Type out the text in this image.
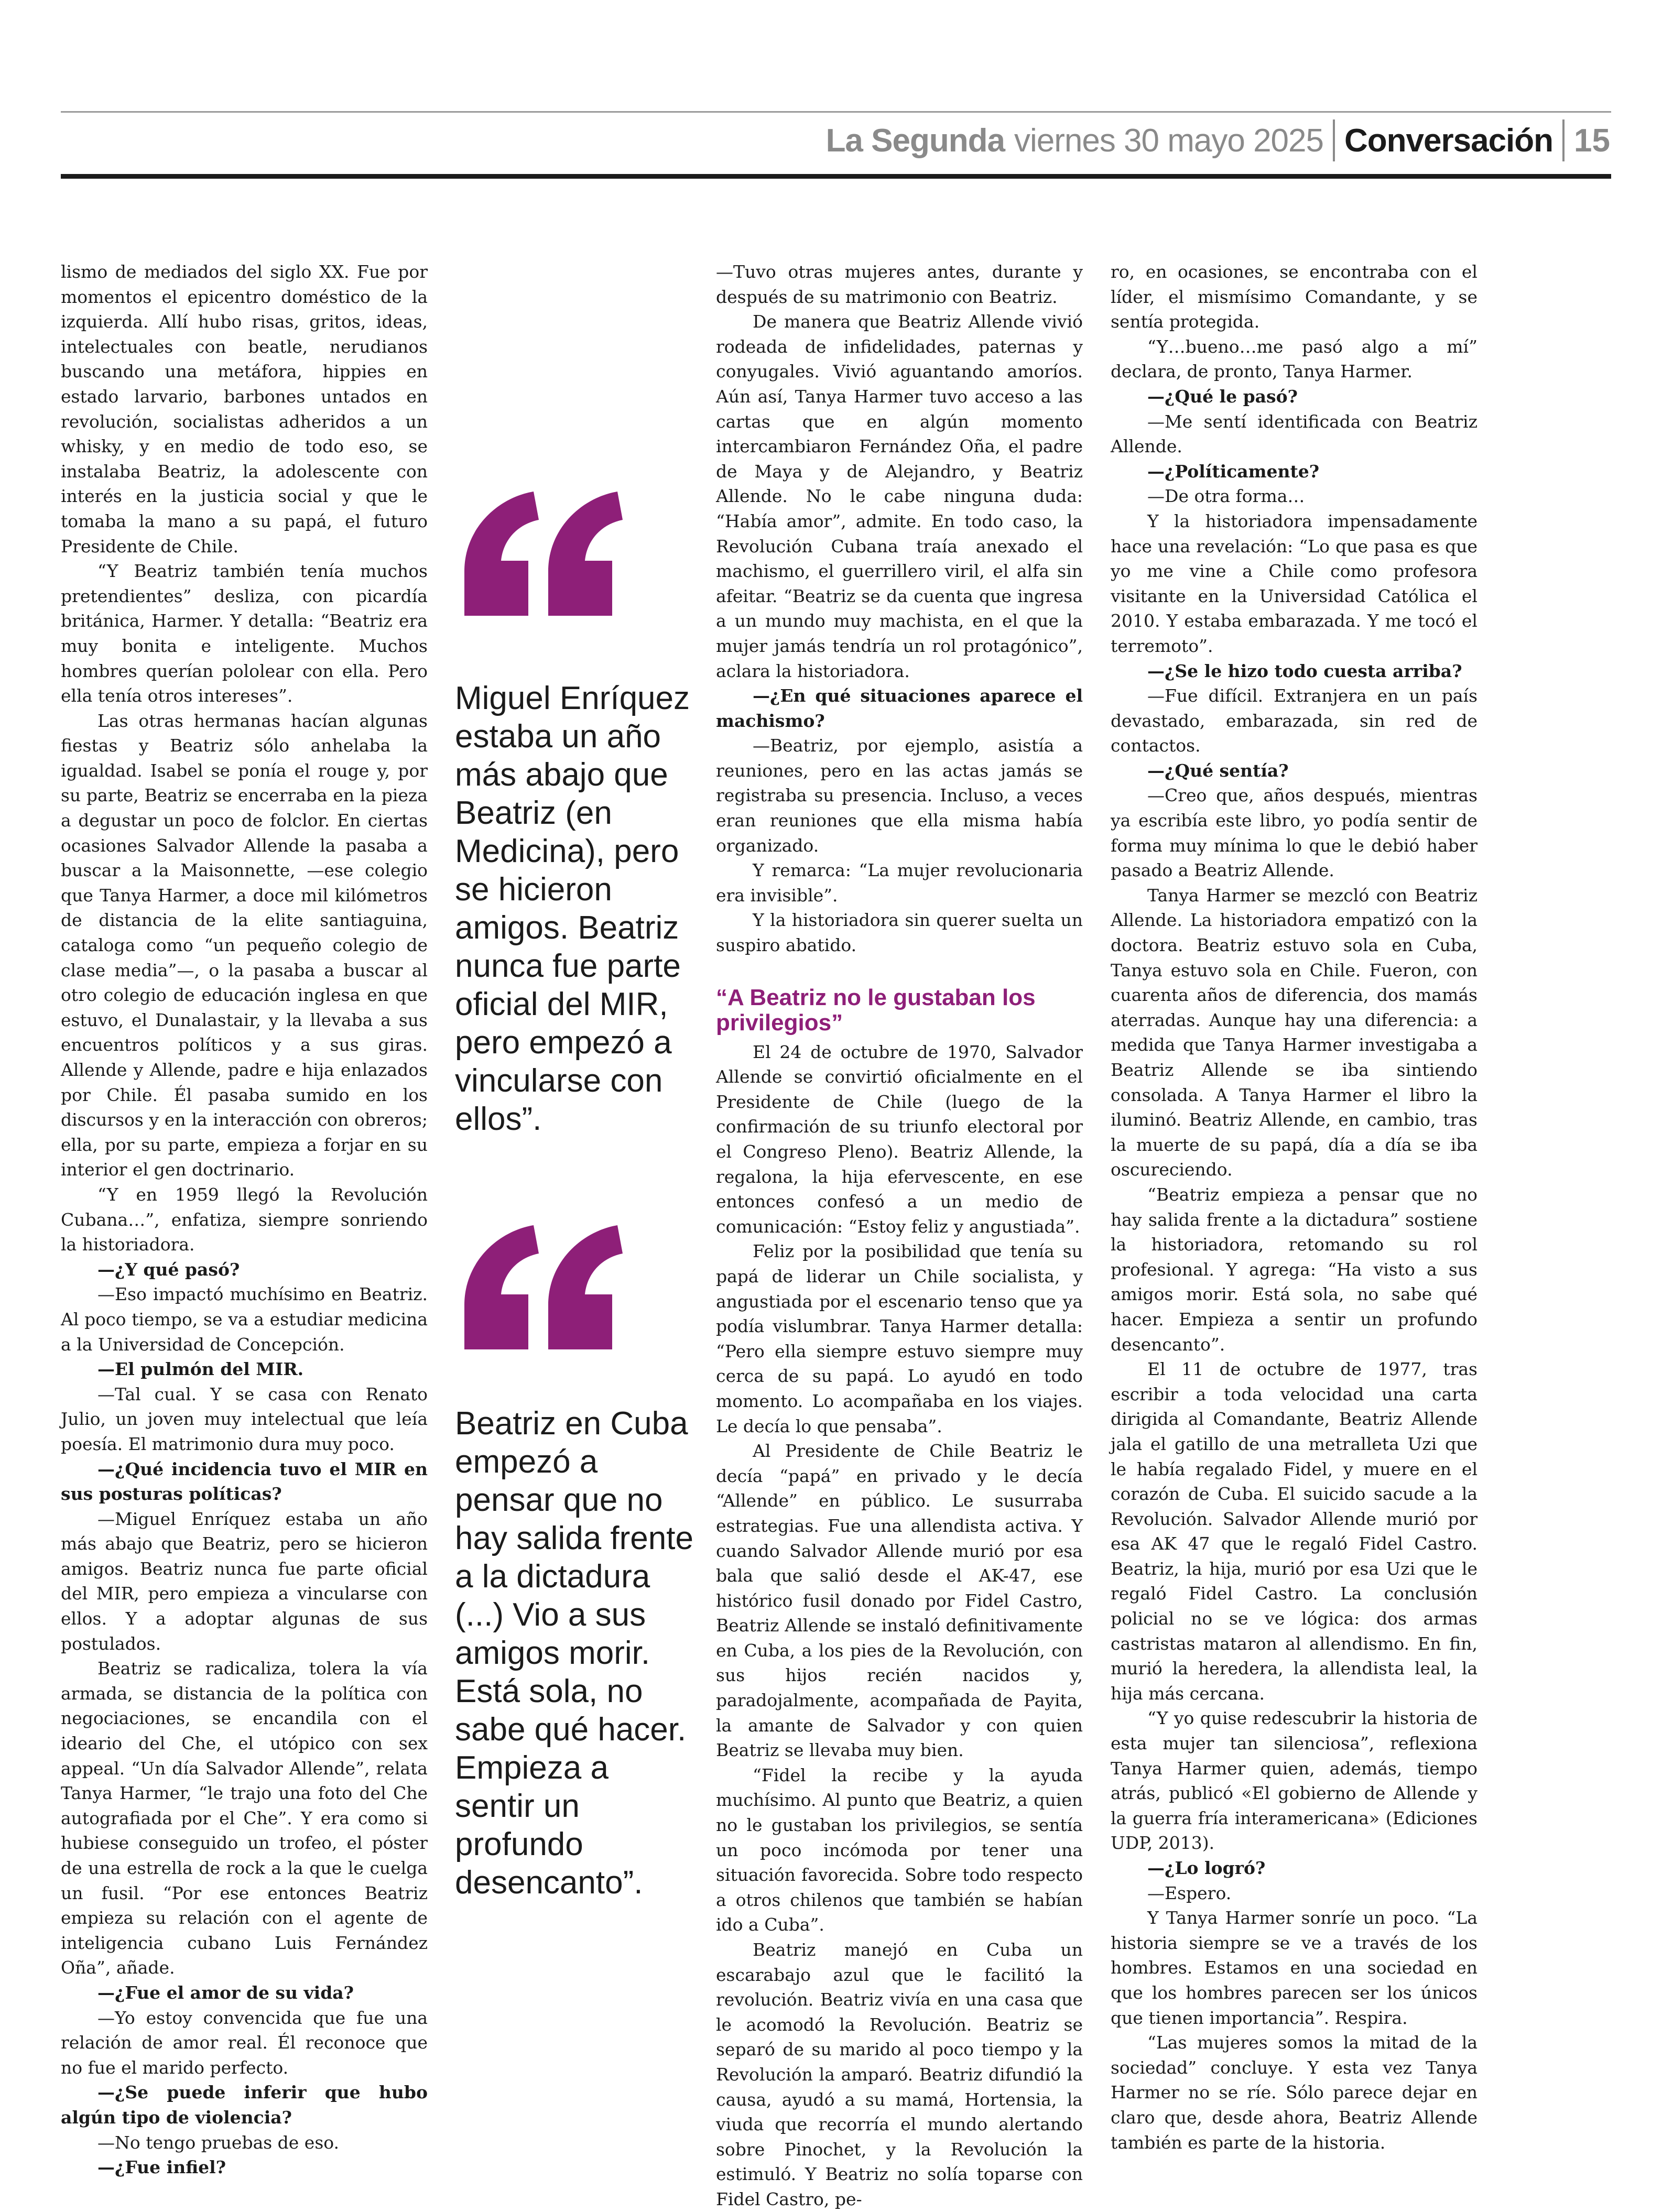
La Segunda viernes 30 mayo 2025 Conversación 15

lismo de mediados del siglo XX. Fue por momentos el epicentro doméstico de la izquierda. Allí hubo risas, gritos, ideas, intelectuales con beatle, nerudianos buscando una metáfora, hippies en estado larvario, barbones untados en revolución, socialistas adheridos a un whisky, y en medio de todo eso, se instalaba Beatriz, la adolescente con interés en la justicia social y que le tomaba la mano a su papá, el futuro Presidente de Chile.

“Y Beatriz también tenía muchos pretendientes” desliza, con picardía británica, Harmer. Y detalla: “Beatriz era muy bonita e inteligente. Muchos hombres querían pololear con ella. Pero ella tenía otros intereses”.

Las otras hermanas hacían algunas fiestas y Beatriz sólo anhelaba la igualdad. Isabel se ponía el rouge y, por su parte, Beatriz se encerraba en la pieza a degustar un poco de folclor. En ciertas ocasiones Salvador Allende la pasaba a buscar a la Maisonnette, —ese colegio que Tanya Harmer, a doce mil kilómetros de distancia de la elite santiaguina, cataloga como “un pequeño colegio de clase media”—, o la pasaba a buscar al otro colegio de educación inglesa en que estuvo, el Dunalastair, y la llevaba a sus encuentros políticos y a sus giras. Allende y Allende, padre e hija enlazados por Chile. Él pasaba sumido en los discursos y en la interacción con obreros; ella, por su parte, empieza a forjar en su interior el gen doctrinario.

“Y en 1959 llegó la Revolución Cubana…”, enfatiza, siempre sonriendo la historiadora.

—¿Y qué pasó?

—Eso impactó muchísimo en Beatriz. Al poco tiempo, se va a estudiar medicina a la Universidad de Concepción.

—El pulmón del MIR.

—Tal cual. Y se casa con Renato Julio, un joven muy intelectual que leía poesía. El matrimonio dura muy poco.

—¿Qué incidencia tuvo el MIR en sus posturas políticas?

—Miguel Enríquez estaba un año más abajo que Beatriz, pero se hicieron amigos. Beatriz nunca fue parte oficial del MIR, pero empieza a vincularse con ellos. Y a adoptar algunas de sus postulados.

Beatriz se radicaliza, tolera la vía armada, se distancia de la política con negociaciones, se encandila con el ideario del Che, el utópico con sex appeal. “Un día Salvador Allende”, relata Tanya Harmer, “le trajo una foto del Che autografiada por el Che”. Y era como si hubiese conseguido un trofeo, el póster de una estrella de rock a la que le cuelga un fusil. “Por ese entonces Beatriz empieza su relación con el agente de inteligencia cubano Luis Fernández Oña”, añade.

—¿Fue el amor de su vida?

—Yo estoy convencida que fue una relación de amor real. Él reconoce que no fue el marido perfecto.

—¿Se puede inferir que hubo algún tipo de violencia?

—No tengo pruebas de eso.

—¿Fue infiel?

Miguel Enríquez estaba un año más abajo que Beatriz (en Medicina), pero se hicieron amigos. Beatriz nunca fue parte oficial del MIR, pero empezó a vincularse con ellos”.
Beatriz en Cuba empezó a pensar que no hay salida frente a la dictadura (...) Vio a sus amigos morir. Está sola, no sabe qué hacer. Empieza a sentir un profundo desencanto”.

—Tuvo otras mujeres antes, durante y después de su matrimonio con Beatriz.

De manera que Beatriz Allende vivió rodeada de infidelidades, paternas y conyugales. Vivió aguantando amoríos. Aún así, Tanya Harmer tuvo acceso a las cartas que en algún momento intercambiaron Fernández Oña, el padre de Maya y de Alejandro, y Beatriz Allende. No le cabe ninguna duda: “Había amor”, admite. En todo caso, la Revolución Cubana traía anexado el machismo, el guerrillero viril, el alfa sin afeitar. “Beatriz se da cuenta que ingresa a un mundo muy machista, en el que la mujer jamás tendría un rol protagónico”, aclara la historiadora.

—¿En qué situaciones aparece el machismo?

—Beatriz, por ejemplo, asistía a reuniones, pero en las actas jamás se registraba su presencia. Incluso, a veces eran reuniones que ella misma había organizado.

Y remarca: “La mujer revolucionaria era invisible”.

Y la historiadora sin querer suelta un suspiro abatido.

“A Beatriz no le gustaban los privilegios”

El 24 de octubre de 1970, Salvador Allende se convirtió oficialmente en el Presidente de Chile (luego de la confirmación de su triunfo electoral por el Congreso Pleno). Beatriz Allende, la regalona, la hija efervescente, en ese entonces confesó a un medio de comunicación: “Estoy feliz y angustiada”.

Feliz por la posibilidad que tenía su papá de liderar un Chile socialista, y angustiada por el escenario tenso que ya podía vislumbrar. Tanya Harmer detalla: “Pero ella siempre estuvo siempre muy cerca de su papá. Lo ayudó en todo momento. Lo acompañaba en los viajes. Le decía lo que pensaba”.

Al Presidente de Chile Beatriz le decía “papá” en privado y le decía “Allende” en público. Le susurraba estrategias. Fue una allendista activa. Y cuando Salvador Allende murió por esa bala que salió desde el AK-47, ese histórico fusil donado por Fidel Castro, Beatriz Allende se instaló definitivamente en Cuba, a los pies de la Revolución, con sus hijos recién nacidos y, paradojalmente, acompañada de Payita, la amante de Salvador y con quien Beatriz se llevaba muy bien.

“Fidel la recibe y la ayuda muchísimo. Al punto que Beatriz, a quien no le gustaban los privilegios, se sentía un poco incómoda por tener una situación favorecida. Sobre todo respecto a otros chilenos que también se habían ido a Cuba”.

Beatriz manejó en Cuba un escarabajo azul que le facilitó la revolución. Beatriz vivía en una casa que le acomodó la Revolución. Beatriz se separó de su marido al poco tiempo y la Revolución la amparó. Beatriz difundió la causa, ayudó a su mamá, Hortensia, la viuda que recorría el mundo alertando sobre Pinochet, y la Revolución la estimuló. Y Beatriz no solía toparse con Fidel Castro, pe-

ro, en ocasiones, se encontraba con el líder, el mismísimo Comandante, y se sentía protegida.

“Y…bueno…me pasó algo a mí” declara, de pronto, Tanya Harmer.

—¿Qué le pasó?

—Me sentí identificada con Beatriz Allende.

—¿Políticamente?

—De otra forma…

Y la historiadora impensadamente hace una revelación: “Lo que pasa es que yo me vine a Chile como profesora visitante en la Universidad Católica el 2010. Y estaba embarazada. Y me tocó el terremoto”.

—¿Se le hizo todo cuesta arriba?

—Fue difícil. Extranjera en un país devastado, embarazada, sin red de contactos.

—¿Qué sentía?

—Creo que, años después, mientras ya escribía este libro, yo podía sentir de forma muy mínima lo que le debió haber pasado a Beatriz Allende.

Tanya Harmer se mezcló con Beatriz Allende. La historiadora empatizó con la doctora. Beatriz estuvo sola en Cuba, Tanya estuvo sola en Chile. Fueron, con cuarenta años de diferencia, dos mamás aterradas. Aunque hay una diferencia: a medida que Tanya Harmer investigaba a Beatriz Allende se iba sintiendo consolada. A Tanya Harmer el libro la iluminó. Beatriz Allende, en cambio, tras la muerte de su papá, día a día se iba oscureciendo.

“Beatriz empieza a pensar que no hay salida frente a la dictadura” sostiene la historiadora, retomando su rol profesional. Y agrega: “Ha visto a sus amigos morir. Está sola, no sabe qué hacer. Empieza a sentir un profundo desencanto”.

El 11 de octubre de 1977, tras escribir a toda velocidad una carta dirigida al Comandante, Beatriz Allende jala el gatillo de una metralleta Uzi que le había regalado Fidel, y muere en el corazón de Cuba. El suicido sacude a la Revolución. Salvador Allende murió por esa AK 47 que le regaló Fidel Castro. Beatriz, la hija, murió por esa Uzi que le regaló Fidel Castro. La conclusión policial no se ve lógica: dos armas castristas mataron al allendismo. En fin, murió la heredera, la allendista leal, la hija más cercana.

“Y yo quise redescubrir la historia de esta mujer tan silenciosa”, reflexiona Tanya Harmer quien, además, tiempo atrás, publicó «El gobierno de Allende y la guerra fría interamericana» (Ediciones UDP, 2013).

—¿Lo logró?

—Espero.

Y Tanya Harmer sonríe un poco. “La historia siempre se ve a través de los hombres. Estamos en una sociedad en que los hombres parecen ser los únicos que tienen importancia”. Respira.

“Las mujeres somos la mitad de la sociedad” concluye. Y esta vez Tanya Harmer no se ríe. Sólo parece dejar en claro que, desde ahora, Beatriz Allende también es parte de la historia.
